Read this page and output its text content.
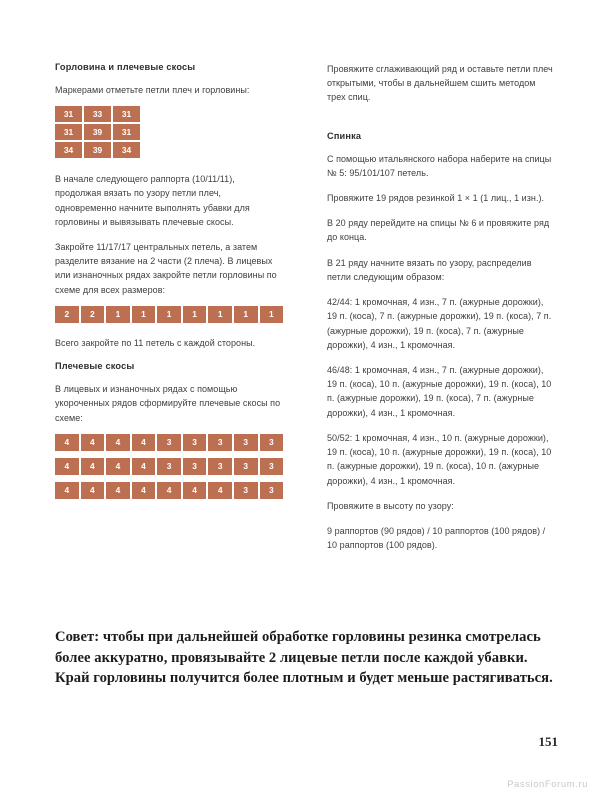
Горловина и плечевые скосы

Маркерами отметьте петли плеч и горловины:

31	33	31
31	39	31
34	39	34

В начале следующего раппорта (10/11/11), продолжая вязать по узору петли плеч, одновременно начните выполнять убавки для горловины и вывязывать плечевые скосы.

Закройте 11/17/17 центральных петель, а затем разделите вязание на 2 части (2 плеча). В лицевых или изнаночных рядах закройте петли горловины по схеме для всех размеров:

2	2	1	1	1	1	1	1	1

Всего закройте по 11 петель с каждой стороны.

Плечевые скосы

В лицевых и изнаночных рядах с помощью укороченных рядов сформируйте плечевые скосы по схеме:

4	4	4	4	3	3	3	3	3
4	4	4	4	3	3	3	3	3
4	4	4	4	4	4	4	3	3

Провяжите сглаживающий ряд и оставьте петли плеч открытыми, чтобы в дальнейшем сшить методом трех спиц.

Спинка

С помощью итальянского набора наберите на спицы № 5: 95/101/107 петель.

Провяжите 19 рядов резинкой 1 × 1 (1 лиц., 1 изн.).

В 20 ряду перейдите на спицы № 6 и провяжите ряд до конца.

В 21 ряду начните вязать по узору, распределив петли следующим образом:

42/44: 1 кромочная, 4 изн., 7 п. (ажурные дорожки), 19 п. (коса), 7 п. (ажурные дорожки), 19 п. (коса), 7 п. (ажурные дорожки), 19 п. (коса), 7 п. (ажурные дорожки), 4 изн., 1 кромочная.

46/48: 1 кромочная, 4 изн., 7 п. (ажурные дорожки), 19 п. (коса), 10 п. (ажурные дорожки), 19 п. (коса), 10 п. (ажурные дорожки), 19 п. (коса), 7 п. (ажурные дорожки), 4 изн., 1 кромочная.

50/52: 1 кромочная, 4 изн., 10 п. (ажурные дорожки), 19 п. (коса), 10 п. (ажурные дорожки), 19 п. (коса), 10 п. (ажурные дорожки), 19 п. (коса), 10 п. (ажурные дорожки), 4 изн., 1 кромочная.

Провяжите в высоту по узору:

9 раппортов (90 рядов) / 10 раппортов (100 рядов) / 10 раппортов (100 рядов).

Совет: чтобы при дальнейшей обработке горловины резинка смотрелась более аккуратно, провязывайте 2 лицевые петли после каждой убавки. Край горловины получится более плотным и будет меньше растягиваться.
151
PassionForum.ru
